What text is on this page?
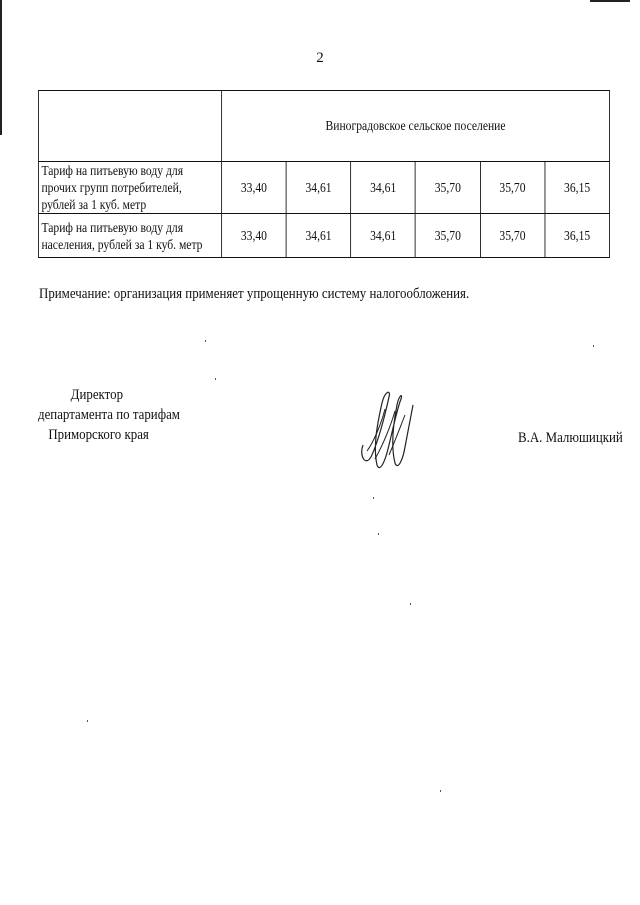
2
	Виноградовское сельское поселение					
Тариф на питьевую воду для прочих групп потребителей, рублей за 1 куб. метр	33,40	34,61	34,61	35,70	35,70	36,15
Тариф на питьевую воду для населения, рублей за 1 куб. метр	33,40	34,61	34,61	35,70	35,70	36,15
Примечание: организация применяет упрощенную систему налогообложения.
Директор
департамента по тарифам
Приморского края	В.А. Малюшицкий
